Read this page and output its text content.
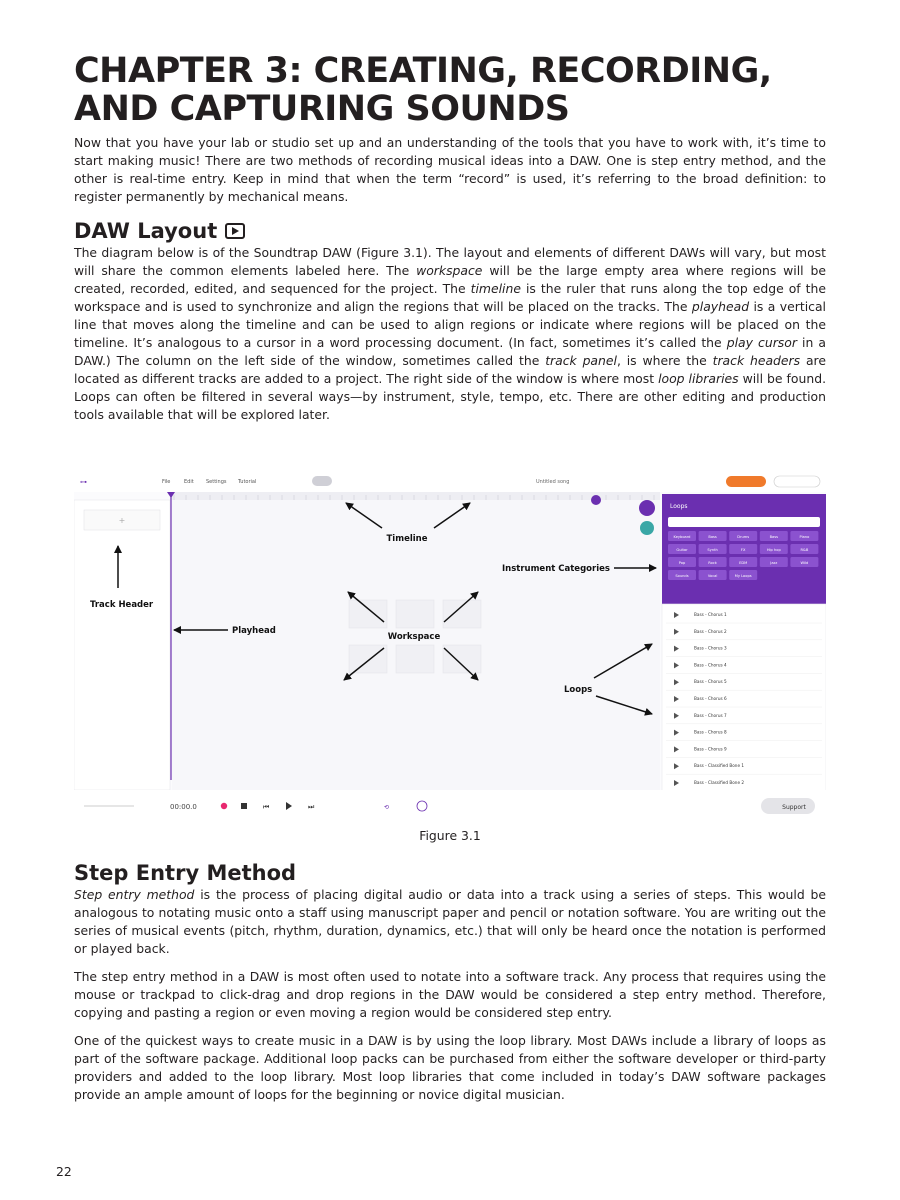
CHAPTER 3: CREATING, RECORDING,
AND CAPTURING SOUNDS

Now that you have your lab or studio set up and an understanding of the tools that you have to work with, it’s time to start making music! There are two methods of recording musical ideas into a DAW. One is step entry method, and the other is real-time entry. Keep in mind that when the term “record” is used, it’s referring to the broad definition: to register permanently by mechanical means.

DAW Layout

The diagram below is of the Soundtrap DAW (Figure 3.1). The layout and elements of different DAWs will vary, but most will share the common elements labeled here. The workspace will be the large empty area where regions will be created, recorded, edited, and sequenced for the project. The timeline is the ruler that runs along the top edge of the workspace and is used to synchronize and align the regions that will be placed on the tracks. The playhead is a vertical line that moves along the timeline and can be used to align regions or indicate where regions will be placed on the timeline. It’s analogous to a cursor in a word processing document. (In fact, sometimes it’s called the play cursor in a DAW.) The column on the left side of the window, sometimes called the track panel, is where the track headers are located as different tracks are added to a project. The right side of the window is where most loop libraries will be found. Loops can often be filtered in several ways—by instrument, style, tempo, etc. There are other editing and production tools available that will be explored later.

⊶	File	Edit Settings Tutorial	Untitled song
+
Loops
Keyboard	Bass	Drums	Bass	Piano
Guitar	Synth	FX	Hip hop	R&B
Pop	Rock	EDM	Jazz	Wild
Sounds	Vocal	My Loops
Bass - Chorus 1
Bass - Chorus 2
Bass - Chorus 3
Bass - Chorus 4
Bass - Chorus 5
Bass - Chorus 6
Bass - Chorus 7
Bass - Chorus 8
Bass - Chorus 9
Bass - Classified Bone 1
Bass - Classified Bone 2
00:00.0	⏮	⏭	⟲	Support
Timeline
Instrument Categories
Track Header
Playhead
Workspace
Loops
Figure 3.1
Step Entry Method

Step entry method is the process of placing digital audio or data into a track using a series of steps. This would be analogous to notating music onto a staff using manuscript paper and pencil or notation software. You are writing out the series of musical events (pitch, rhythm, duration, dynamics, etc.) that will only be heard once the notation is performed or played back.

The step entry method in a DAW is most often used to notate into a software track. Any process that requires using the mouse or trackpad to click-drag and drop regions in the DAW would be considered a step entry method. Therefore, copying and pasting a region or even moving a region would be considered step entry.

One of the quickest ways to create music in a DAW is by using the loop library. Most DAWs include a library of loops as part of the software package. Additional loop packs can be purchased from either the software developer or third-party providers and added to the loop library. Most loop libraries that come included in today’s DAW software packages provide an ample amount of loops for the beginning or novice digital musician.

22
